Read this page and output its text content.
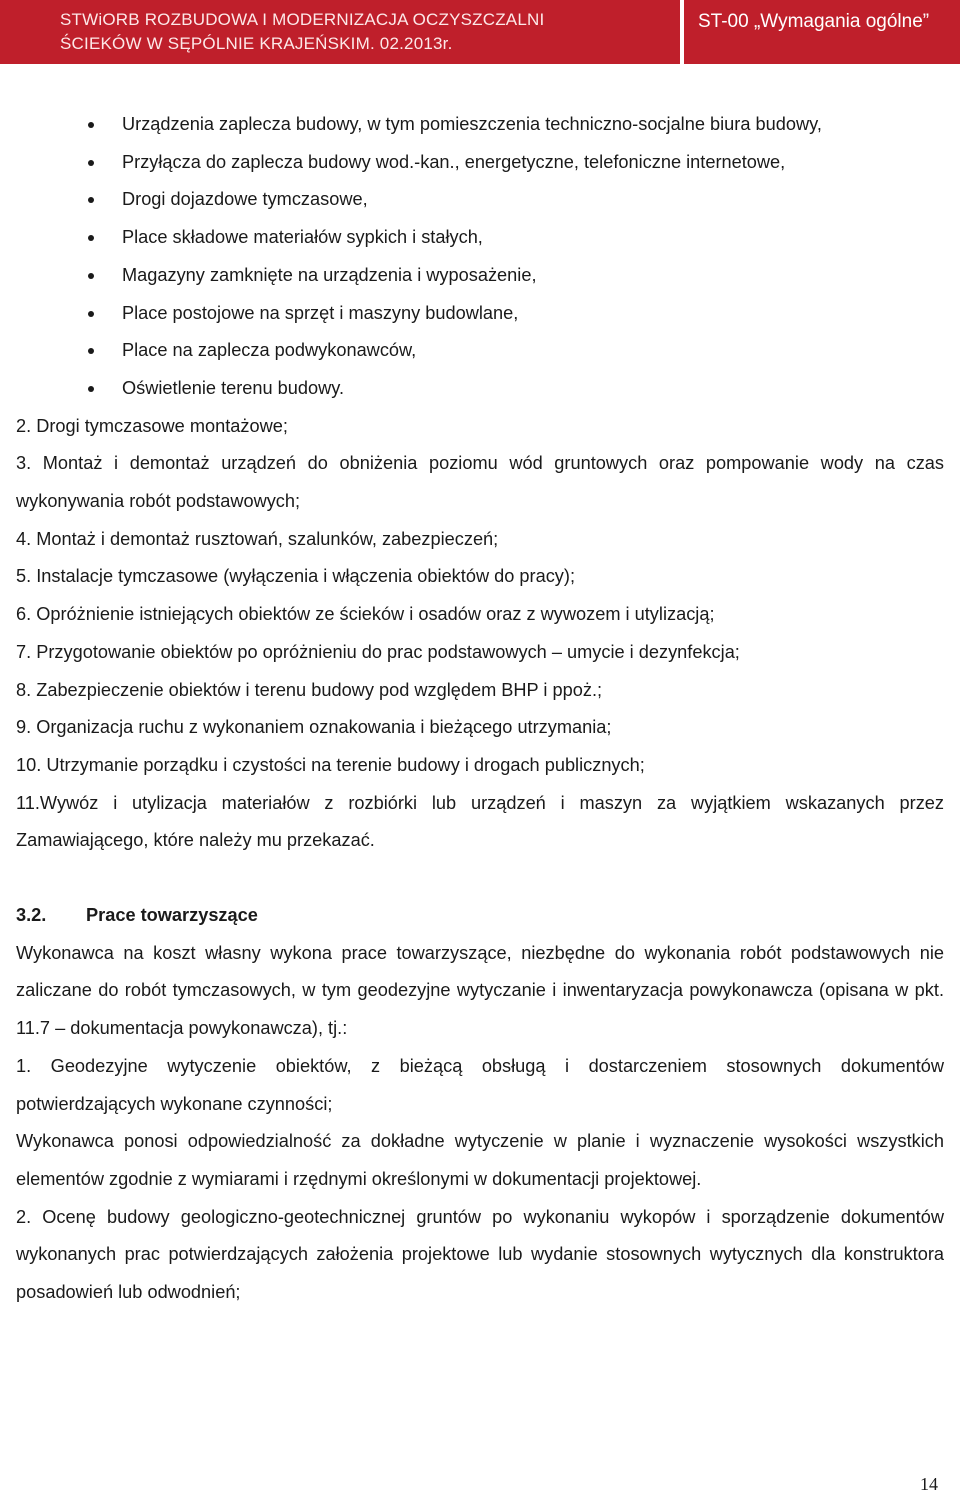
STWiORB ROZBUDOWA I MODERNIZACJA OCZYSZCZALNI
ŚCIEKÓW W SĘPÓLNIE KRAJEŃSKIM. 02.2013r.
ST-00 „Wymagania ogólne”
Urządzenia zaplecza budowy, w tym pomieszczenia techniczno-socjalne biura budowy,
Przyłącza do zaplecza budowy wod.-kan., energetyczne, telefoniczne internetowe,
Drogi dojazdowe tymczasowe,
Place składowe materiałów sypkich i stałych,
Magazyny zamknięte na urządzenia i wyposażenie,
Place postojowe na sprzęt i maszyny budowlane,
Place na zaplecza podwykonawców,
Oświetlenie terenu budowy.

2. Drogi tymczasowe montażowe;

3. Montaż i demontaż urządzeń do obniżenia poziomu wód gruntowych oraz pompowanie wody na czas wykonywania robót podstawowych;

4. Montaż i demontaż rusztowań, szalunków, zabezpieczeń;

5. Instalacje tymczasowe (wyłączenia i włączenia obiektów do pracy);

6. Opróżnienie istniejących obiektów ze ścieków i osadów oraz z wywozem i utylizacją;

7. Przygotowanie obiektów po opróżnieniu do prac podstawowych – umycie i dezynfekcja;

8. Zabezpieczenie obiektów i terenu budowy pod względem BHP i ppoż.;

9. Organizacja ruchu z wykonaniem oznakowania i bieżącego utrzymania;

10. Utrzymanie porządku i czystości na terenie budowy i drogach publicznych;

11.Wywóz i utylizacja materiałów z rozbiórki lub urządzeń i maszyn za wyjątkiem wskazanych przez Zamawiającego, które należy mu przekazać.

3.2. Prace towarzyszące

Wykonawca na koszt własny wykona prace towarzyszące, niezbędne do wykonania robót podstawowych nie zaliczane do robót tymczasowych, w tym geodezyjne wytyczanie i inwentaryzacja powykonawcza (opisana w pkt. 11.7 – dokumentacja powykonawcza), tj.:

1. Geodezyjne wytyczenie obiektów, z bieżącą obsługą i dostarczeniem stosownych dokumentów potwierdzających wykonane czynności;

Wykonawca ponosi odpowiedzialność za dokładne wytyczenie w planie i wyznaczenie wysokości wszystkich elementów zgodnie z wymiarami i rzędnymi określonymi w dokumentacji projektowej.

2. Ocenę budowy geologiczno-geotechnicznej gruntów po wykonaniu wykopów i sporządzenie dokumentów wykonanych prac potwierdzających założenia projektowe lub wydanie stosownych wytycznych dla konstruktora posadowień lub odwodnień;

14
